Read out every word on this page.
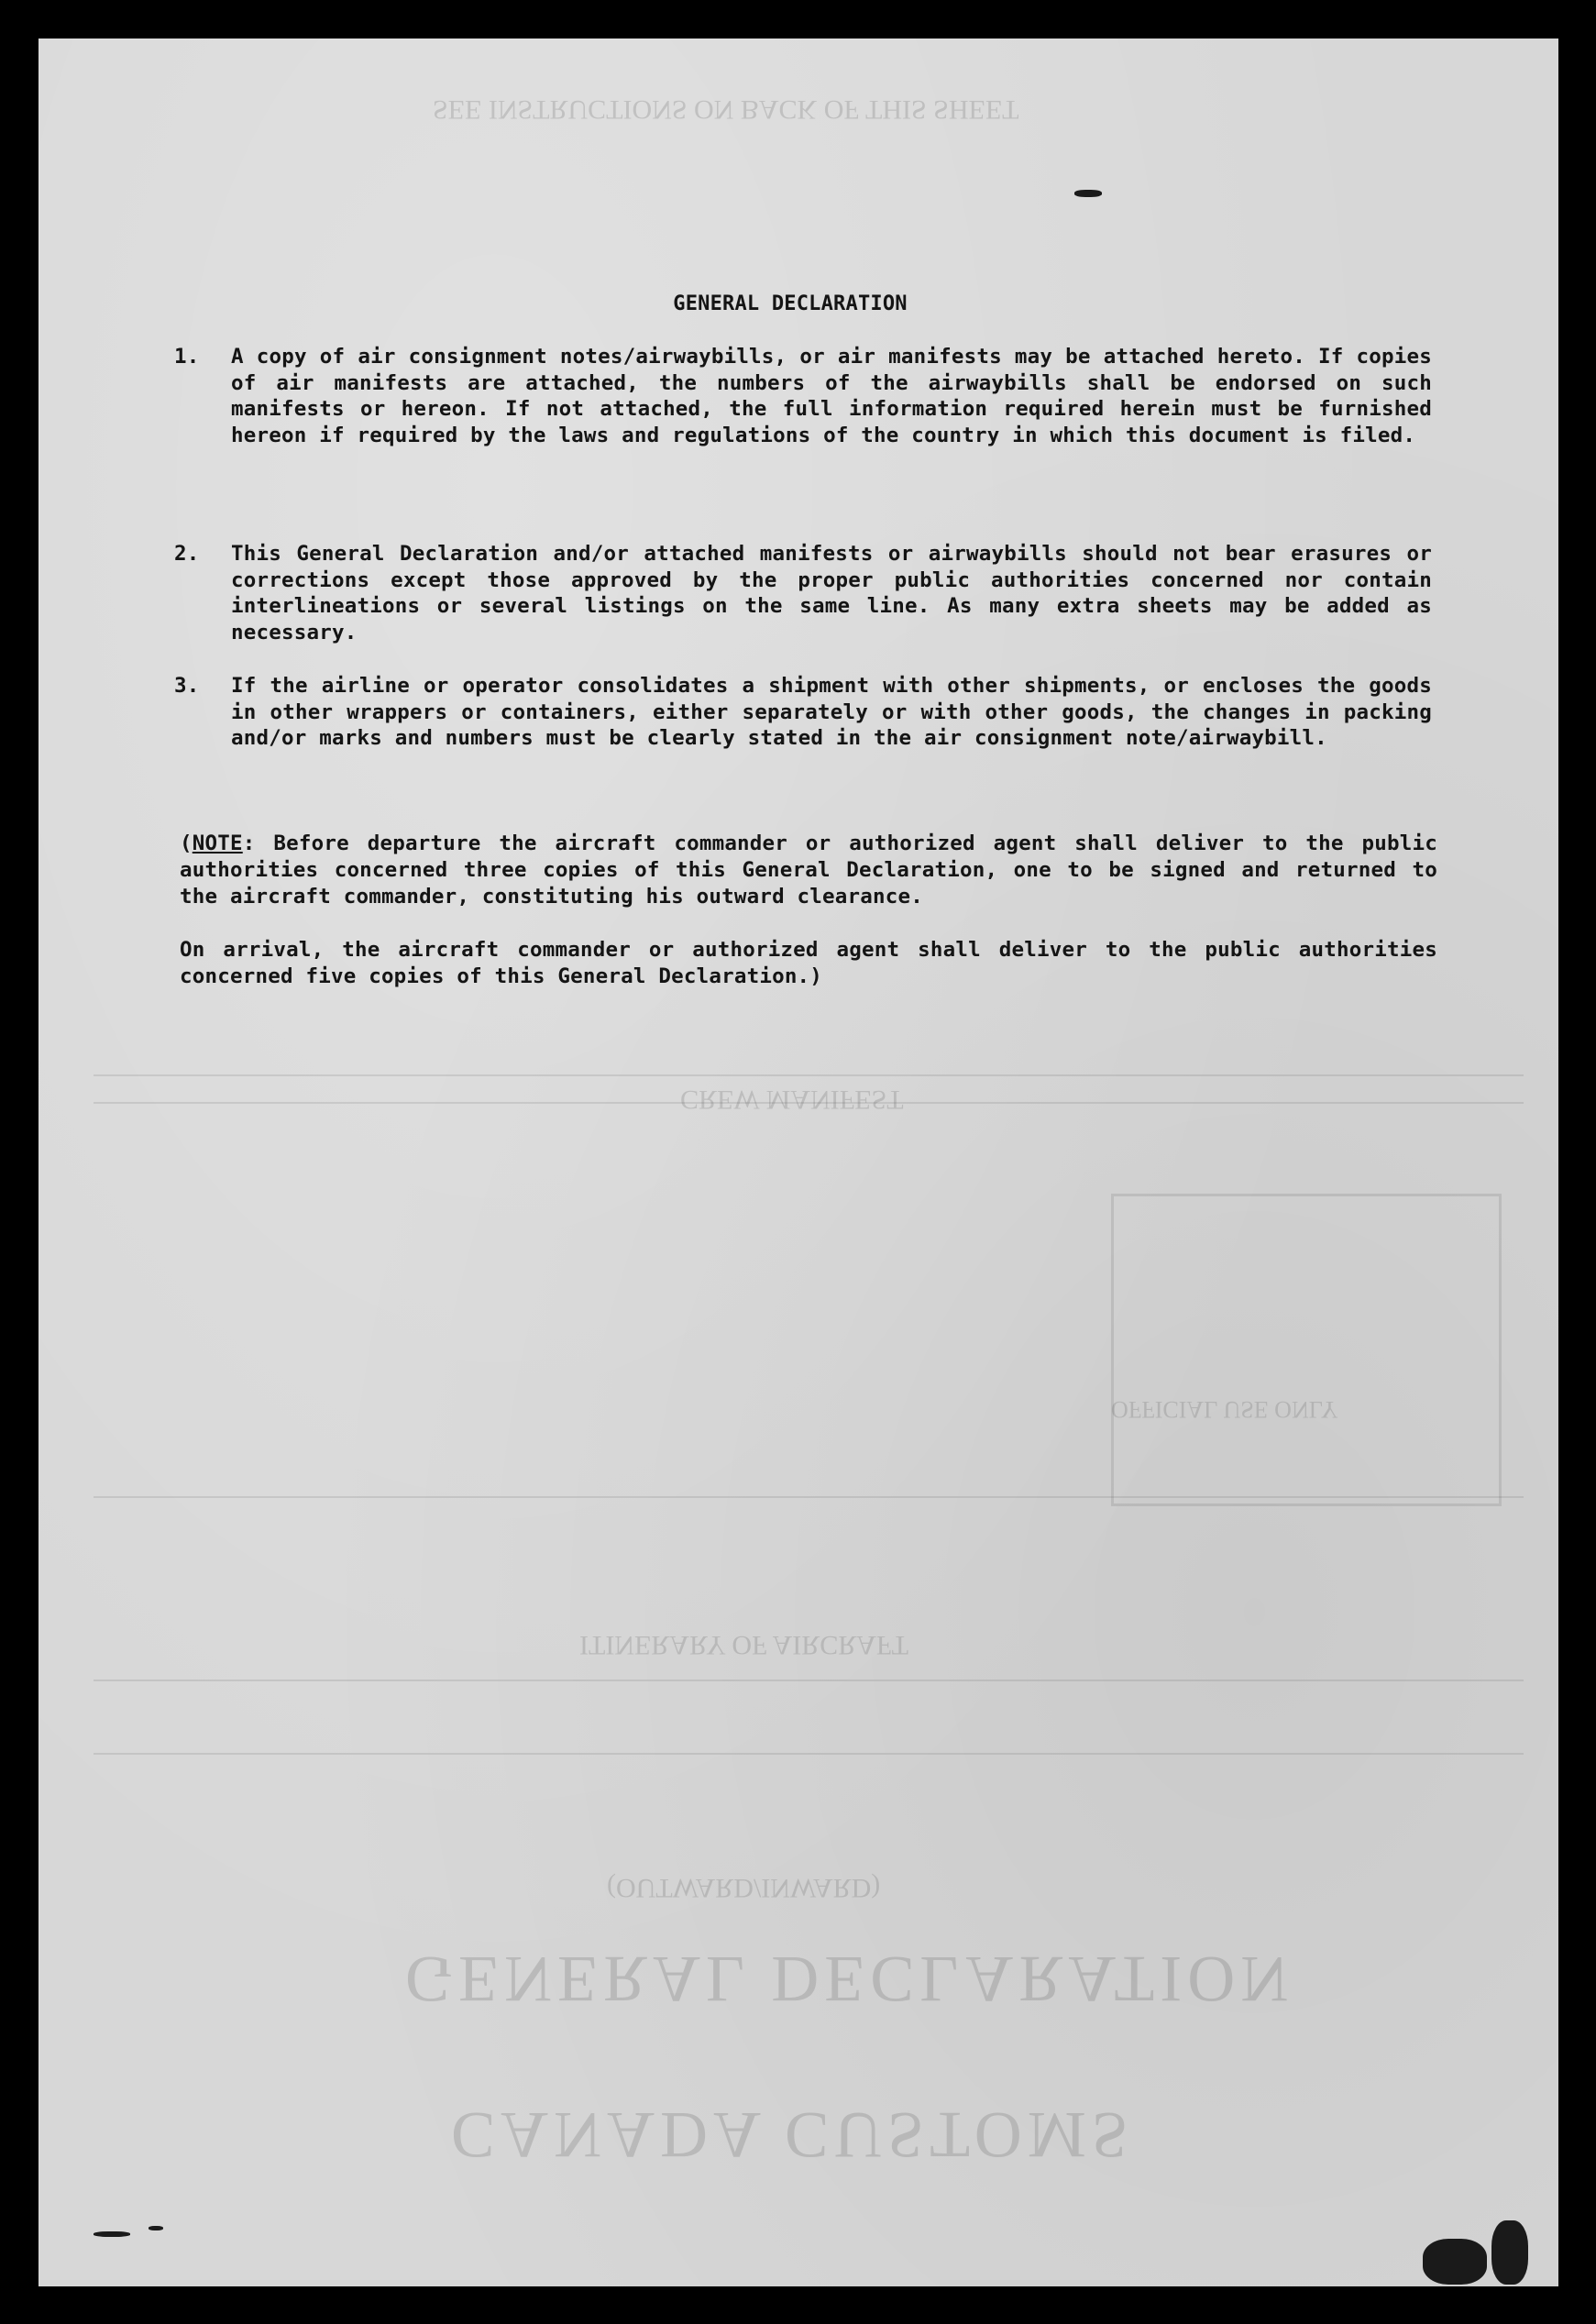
SEE INSTRUCTIONS ON BACK OF THIS SHEET
CREW MANIFEST
OFFICIAL USE ONLY
ITINERARY OF AIRCRAFT
(OUTWARD/INWARD)
GENERAL DECLARATION
CANADA CUSTOMS
GENERAL DECLARATION
1. A copy of air consignment notes/airwaybills, or air manifests may be attached hereto. If copies of air manifests are attached, the numbers of the airwaybills shall be endorsed on such manifests or hereon. If not attached, the full information required herein must be furnished hereon if required by the laws and regulations of the country in which this document is filed.
2. This General Declaration and/or attached manifests or airwaybills should not bear erasures or corrections except those approved by the proper public authorities concerned nor contain interlineations or several listings on the same line. As many extra sheets may be added as necessary.
3. If the airline or operator consolidates a shipment with other shipments, or encloses the goods in other wrappers or containers, either separately or with other goods, the changes in packing and/or marks and numbers must be clearly stated in the air consignment note/airwaybill.
(NOTE: Before departure the aircraft commander or authorized agent shall deliver to the public authorities concerned three copies of this General Declaration, one to be signed and returned to the aircraft commander, constituting his outward clearance.
On arrival, the aircraft commander or authorized agent shall deliver to the public authorities concerned five copies of this General Declaration.)
